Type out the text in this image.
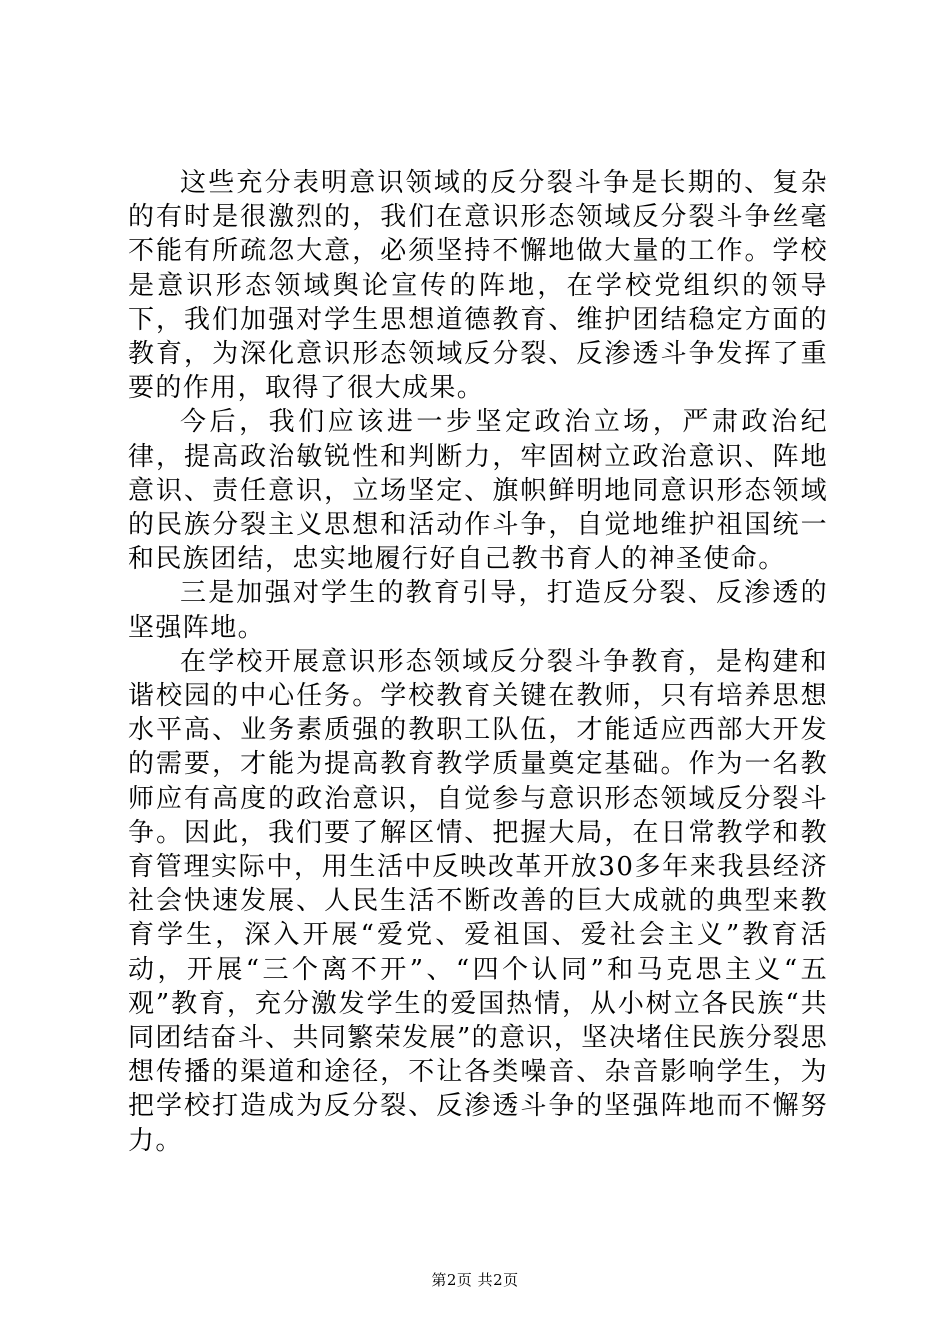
这些充分表明意识领域的反分裂斗争是长期的、复杂的有时是很激烈的，我们在意识形态领域反分裂斗争丝毫不能有所疏忽大意，必须坚持不懈地做大量的工作。学校是意识形态领域舆论宣传的阵地，在学校党组织的领导下，我们加强对学生思想道德教育、维护团结稳定方面的教育，为深化意识形态领域反分裂、反渗透斗争发挥了重要的作用，取得了很大成果。

今后，我们应该进一步坚定政治立场，严肃政治纪律，提高政治敏锐性和判断力，牢固树立政治意识、阵地意识、责任意识，立场坚定、旗帜鲜明地同意识形态领域的民族分裂主义思想和活动作斗争，自觉地维护祖国统一和民族团结，忠实地履行好自己教书育人的神圣使命。

三是加强对学生的教育引导，打造反分裂、反渗透的坚强阵地。

在学校开展意识形态领域反分裂斗争教育，是构建和谐校园的中心任务。学校教育关键在教师，只有培养思想水平高、业务素质强的教职工队伍，才能适应西部大开发的需要，才能为提高教育教学质量奠定基础。作为一名教师应有高度的政治意识，自觉参与意识形态领域反分裂斗争。因此，我们要了解区情、把握大局，在日常教学和教育管理实际中，用生活中反映改革开放30多年来我县经济社会快速发展、人民生活不断改善的巨大成就的典型来教育学生，深入开展“爱党、爱祖国、爱社会主义”教育活动，开展“三个离不开”、“四个认同”和马克思主义“五观”教育，充分激发学生的爱国热情，从小树立各民族“共同团结奋斗、共同繁荣发展”的意识，坚决堵住民族分裂思想传播的渠道和途径，不让各类噪音、杂音影响学生，为把学校打造成为反分裂、反渗透斗争的坚强阵地而不懈努力。

第2页 共2页
